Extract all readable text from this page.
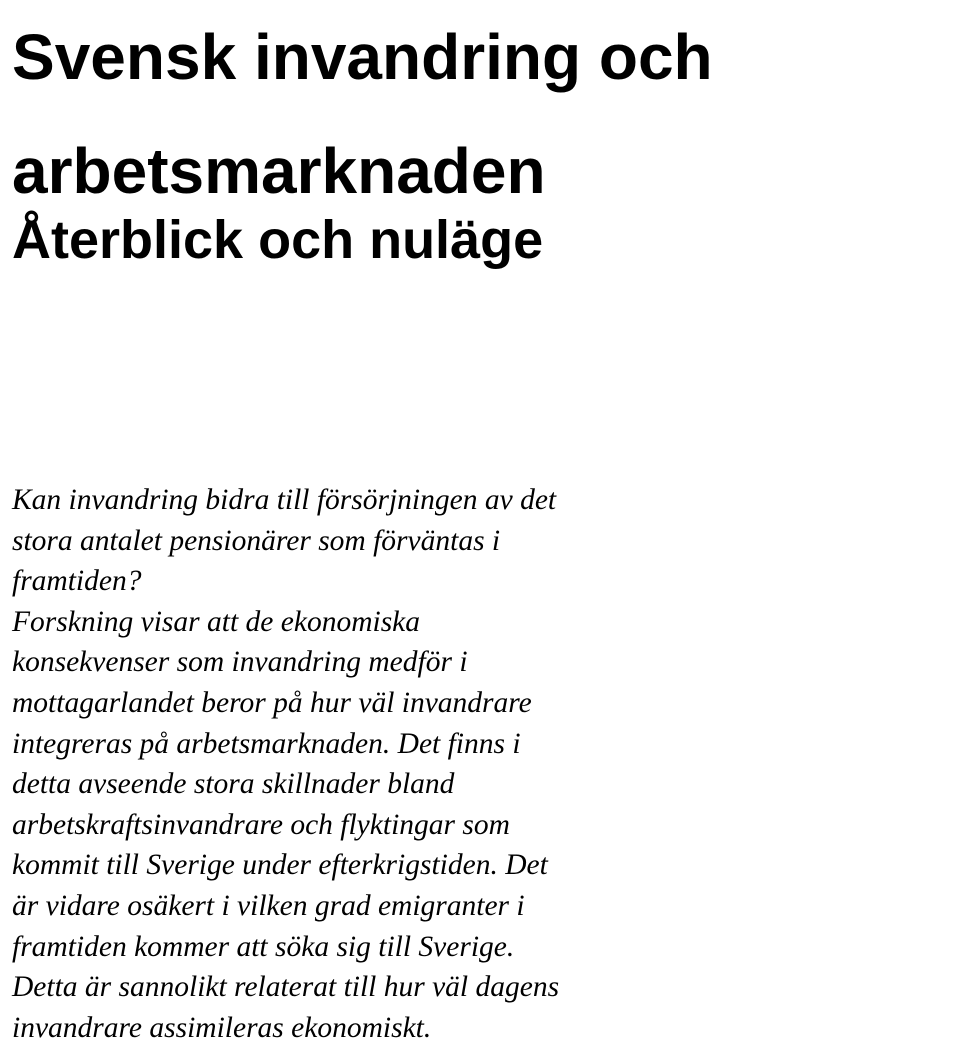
Svensk invandring och
arbetsmarknaden
Återblick och nuläge

Kan invandring bidra till försörjningen av det
stora antalet pensionärer som förväntas i
framtiden?
Forskning visar att de ekonomiska
konsekvenser som invandring medför i
mottagarlandet beror på hur väl invandrare
integreras på arbetsmarknaden. Det finns i
detta avseende stora skillnader bland
arbetskraftsinvandrare och flyktingar som
kommit till Sverige under efterkrigstiden. Det
är vidare osäkert i vilken grad emigranter i
framtiden kommer att söka sig till Sverige.
Detta är sannolikt relaterat till hur väl dagens
invandrare assimileras ekonomiskt.
